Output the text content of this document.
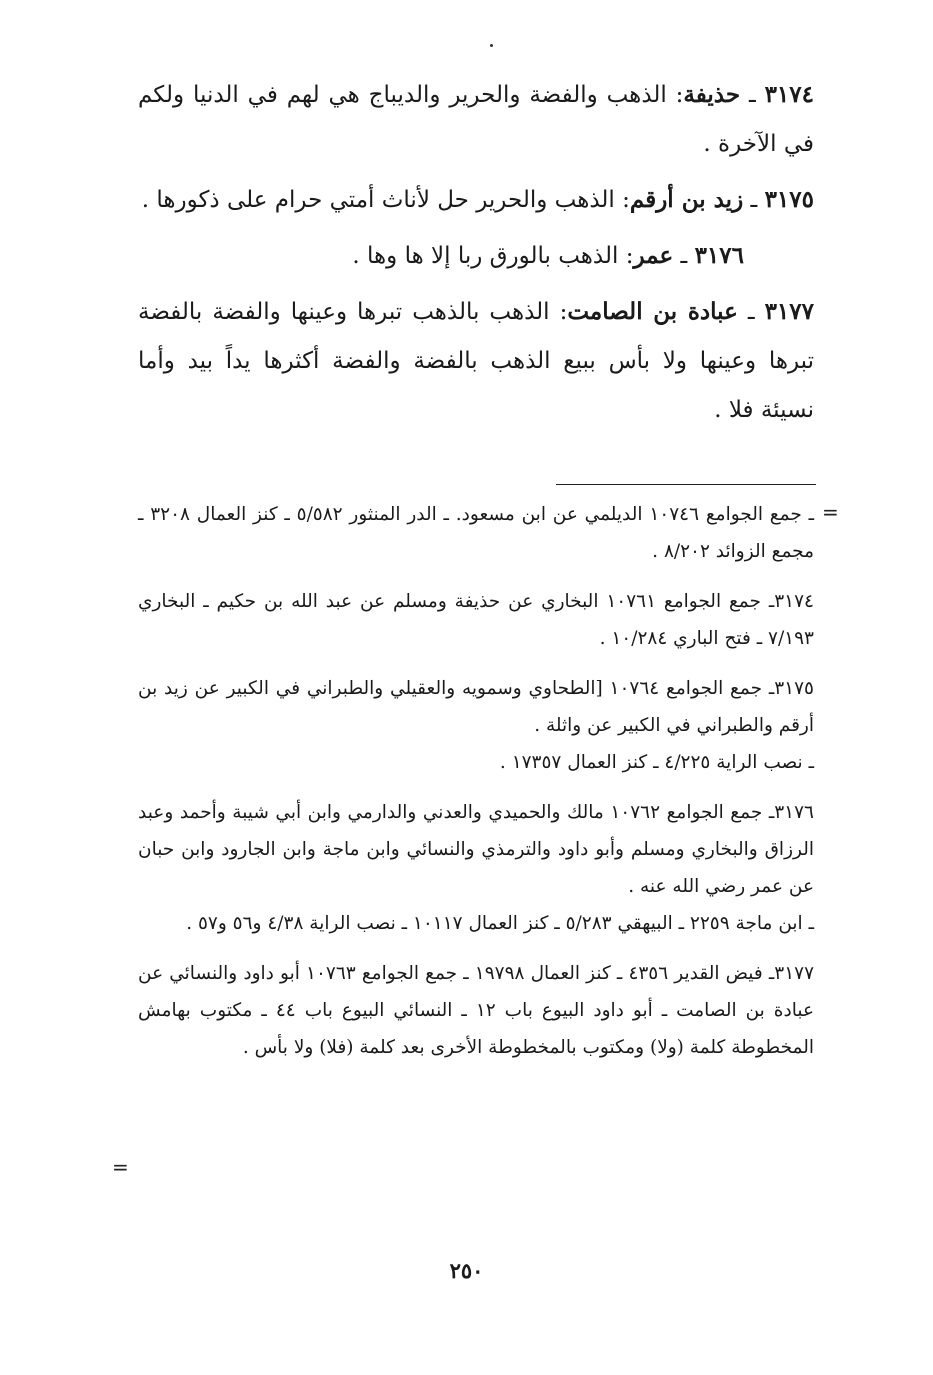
٣١٧٤ ـ حذيفة: الذهب والفضة والحرير والديباج هي لهم في الدنيا ولكم في الآخرة .

٣١٧٥ ـ زيد بن أرقم: الذهب والحرير حل لأناث أمتي حرام على ذكورها .

٣١٧٦ ـ عمر: الذهب بالورق ربا إلا ها وها .

٣١٧٧ ـ عبادة بن الصامت: الذهب بالذهب تبرها وعينها والفضة بالفضة تبرها وعينها ولا بأس ببيع الذهب بالفضة والفضة أكثرها يداً بيد وأما نسيئة فلا .

=

ـ جمع الجوامع ١٠٧٤٦ الديلمي عن ابن مسعود. ـ الدر المنثور ٥/٥٨٢ ـ كنز العمال ٣٢٠٨ ـ مجمع الزوائد ٨/٢٠٢ .

٣١٧٤ـ جمع الجوامع ١٠٧٦١ البخاري عن حذيفة ومسلم عن عبد الله بن حكيم ـ البخاري ٧/١٩٣ ـ فتح الباري ١٠/٢٨٤ .

٣١٧٥ـ جمع الجوامع ١٠٧٦٤ [الطحاوي وسمويه والعقيلي والطبراني في الكبير عن زيد بن أرقم والطبراني في الكبير عن واثلة .

ـ نصب الراية ٤/٢٢٥ ـ كنز العمال ١٧٣٥٧ .

٣١٧٦ـ جمع الجوامع ١٠٧٦٢ مالك والحميدي والعدني والدارمي وابن أبي شيبة وأحمد وعبد الرزاق والبخاري ومسلم وأبو داود والترمذي والنسائي وابن ماجة وابن الجارود وابن حبان عن عمر رضي الله عنه .

ـ ابن ماجة ٢٢٥٩ ـ البيهقي ٥/٢٨٣ ـ كنز العمال ١٠١١٧ ـ نصب الراية ٤/٣٨ و٥٦ و٥٧ .

٣١٧٧ـ فيض القدير ٤٣٥٦ ـ كنز العمال ١٩٧٩٨ ـ جمع الجوامع ١٠٧٦٣ أبو داود والنسائي عن عبادة بن الصامت ـ أبو داود البيوع باب ١٢ ـ النسائي البيوع باب ٤٤ ـ مكتوب بهامش المخطوطة كلمة (ولا) ومكتوب بالمخطوطة الأخرى بعد كلمة (فلا) ولا بأس .

=
٢٥٠
